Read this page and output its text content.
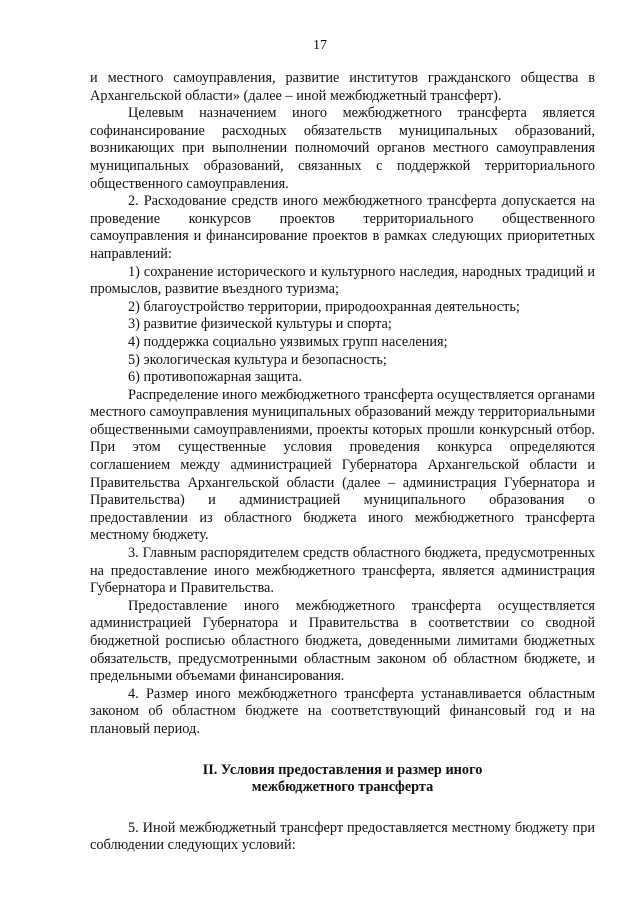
17

и местного самоуправления, развитие институтов гражданского общества в Архангельской области» (далее – иной межбюджетный трансферт).

Целевым назначением иного межбюджетного трансферта является софинансирование расходных обязательств муниципальных образований, возникающих при выполнении полномочий органов местного самоуправления муниципальных образований, связанных с поддержкой территориального общественного самоуправления.

2. Расходование средств иного межбюджетного трансферта допускается на проведение конкурсов проектов территориального общественного самоуправления и финансирование проектов в рамках следующих приоритетных направлений:

1) сохранение исторического и культурного наследия, народных традиций и промыслов, развитие въездного туризма;

2) благоустройство территории, природоохранная деятельность;

3) развитие физической культуры и спорта;

4) поддержка социально уязвимых групп населения;

5) экологическая культура и безопасность;

6) противопожарная защита.

Распределение иного межбюджетного трансферта осуществляется органами местного самоуправления муниципальных образований между территориальными общественными самоуправлениями, проекты которых прошли конкурсный отбор. При этом существенные условия проведения конкурса определяются соглашением между администрацией Губернатора Архангельской области и Правительства Архангельской области (далее – администрация Губернатора и Правительства) и администрацией муниципального образования о предоставлении из областного бюджета иного межбюджетного трансферта местному бюджету.

3. Главным распорядителем средств областного бюджета, предусмотренных на предоставление иного межбюджетного трансферта, является администрация Губернатора и Правительства.

Предоставление иного межбюджетного трансферта осуществляется администрацией Губернатора и Правительства в соответствии со сводной бюджетной росписью областного бюджета, доведенными лимитами бюджетных обязательств, предусмотренными областным законом об областном бюджете, и предельными объемами финансирования.

4. Размер иного межбюджетного трансферта устанавливается областным законом об областном бюджете на соответствующий финансовый год и на плановый период.

II. Условия предоставления и размер иного

межбюджетного трансферта

5. Иной межбюджетный трансферт предоставляется местному бюджету при соблюдении следующих условий:
